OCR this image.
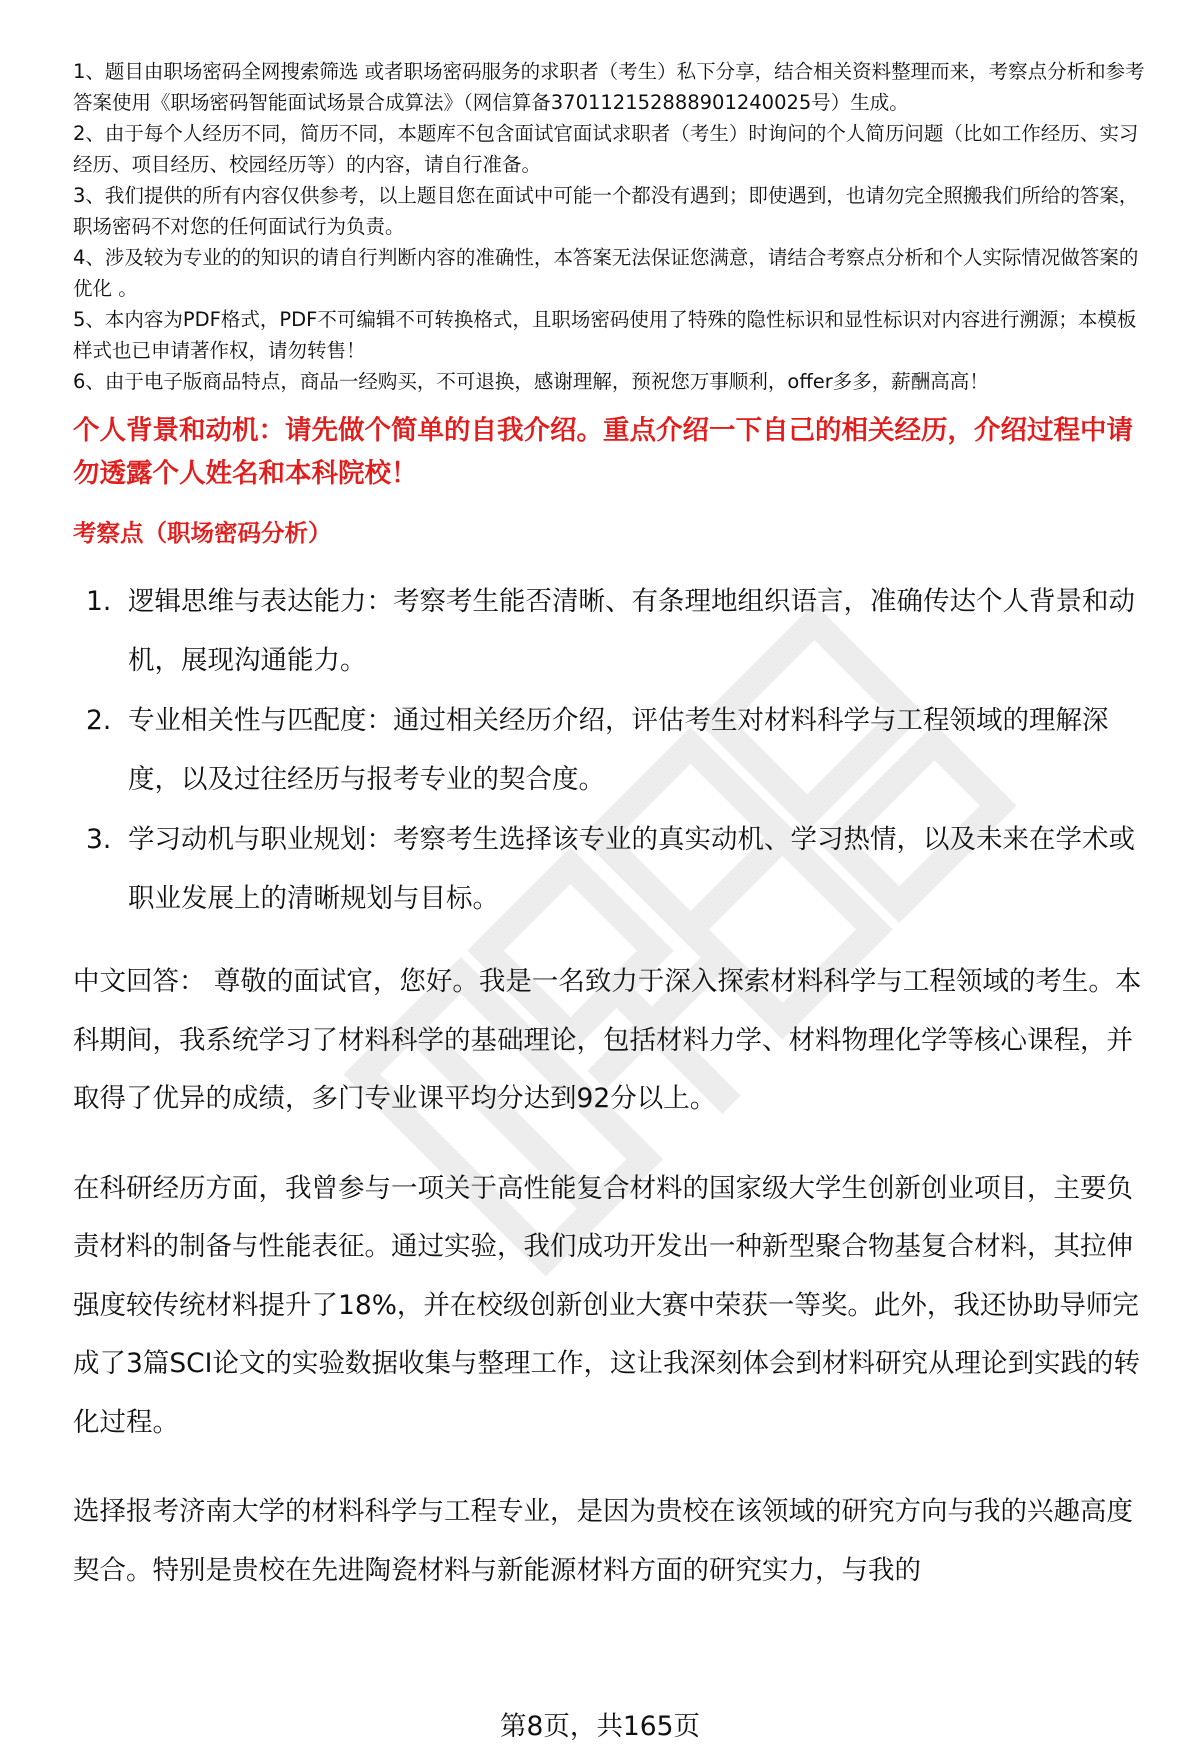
1、题目由职场密码全网搜索筛选 或者职场密码服务的求职者（考生）私下分享，结合相关资料整理而来，考察点分析和参考答案使用《职场密码智能面试场景合成算法》（网信算备370112152888901240025号）生成。

2、由于每个人经历不同，简历不同，本题库不包含面试官面试求职者（考生）时询问的个人简历问题（比如工作经历、实习经历、项目经历、校园经历等）的内容，请自行准备。

3、我们提供的所有内容仅供参考，以上题目您在面试中可能一个都没有遇到；即使遇到，也请勿完全照搬我们所给的答案，职场密码不对您的任何面试行为负责。

4、涉及较为专业的的知识的请自行判断内容的准确性，本答案无法保证您满意，请结合考察点分析和个人实际情况做答案的优化 。

5、本内容为PDF格式，PDF不可编辑不可转换格式，且职场密码使用了特殊的隐性标识和显性标识对内容进行溯源；本模板样式也已申请著作权，请勿转售！

6、由于电子版商品特点，商品一经购买，不可退换，感谢理解，预祝您万事顺利，offer多多，薪酬高高！

个人背景和动机：请先做个简单的自我介绍。重点介绍一下自己的相关经历，介绍过程中请勿透露个人姓名和本科院校！
考察点（职场密码分析）
1. 逻辑思维与表达能力：考察考生能否清晰、有条理地组织语言，准确传达个人背景和动机，展现沟通能力。
2. 专业相关性与匹配度：通过相关经历介绍，评估考生对材料科学与工程领域的理解深度，以及过往经历与报考专业的契合度。
3. 学习动机与职业规划：考察考生选择该专业的真实动机、学习热情，以及未来在学术或职业发展上的清晰规划与目标。

中文回答： 尊敬的面试官，您好。我是一名致力于深入探索材料科学与工程领域的考生。本科期间，我系统学习了材料科学的基础理论，包括材料力学、材料物理化学等核心课程，并取得了优异的成绩，多门专业课平均分达到92分以上。

在科研经历方面，我曾参与一项关于高性能复合材料的国家级大学生创新创业项目，主要负责材料的制备与性能表征。通过实验，我们成功开发出一种新型聚合物基复合材料，其拉伸强度较传统材料提升了18%，并在校级创新创业大赛中荣获一等奖。此外，我还协助导师完成了3篇SCI论文的实验数据收集与整理工作，这让我深刻体会到材料研究从理论到实践的转化过程。

选择报考济南大学的材料科学与工程专业，是因为贵校在该领域的研究方向与我的兴趣高度契合。特别是贵校在先进陶瓷材料与新能源材料方面的研究实力，与我的

第8页，共165页
